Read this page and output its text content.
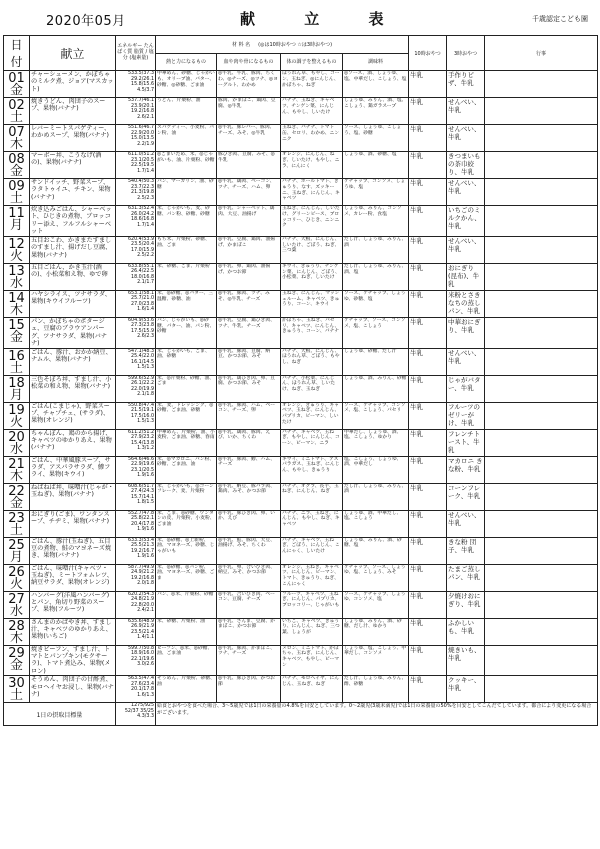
2020年05月	献 立 表	千歳認定こども園
日付	献立	エネルギー たんぱく質 脂質 / 塩分 (塩素量)	材 料 名 (◎は10時おやつ ☆は3時おやつ)				10時おやつ	3時おやつ	行事
			熱と力になるもの	血や肉や骨になるもの	体の調子を整えるもの	調味料			

01
金	チャーシューメン、かぼちゃのミルク煮、ジョア(マスカット)	533.5/37.3 29.2/26.1 15.8/15.6 4.5/3.7	中華めん、砂糖、じゃがいも、オリーブ油、バター、砂糖、◎砂糖、ごま油	◎牛乳、牛乳、豚肉、ちくわ、◎チーズ、◎ツナ、◎ヨーグルト、わかめ	ほうれん草、もやし、コーン、玉ねぎ、◎にんじん、かぼちゃ、ねぎ	◎ソース、酒、しょうゆ、塩、中華だし、こしょう、塩	牛乳	手作りピザ、牛乳	

02
土	焼きうどん、肉団子のスープ、果物(バナナ)	537.7/46.1 23.9/20.1 19.2/16.8 2.6/2.1	うどん、片栗粉、油	豚肉、かまぼこ、鶏肉、豆腐、◎牛乳	バナナ、玉ねぎ、キャベツ、チンゲン菜、にんじん、もやし、しいたけ	しょうゆ、みりん、酒、塩、こしょう、鶏ガラスープ	牛乳	せんべい、牛乳	

07
木	レバーミートスパゲティー、わかめスープ、果物(バナナ)	551.6/46.7 22.9/20.0 15.0/13.5 2.2/1.9	スパゲティー、小麦粉、パン粉、油	◎牛乳、豚レバー、豚肉、チーズ、みそ、◎牛乳	玉ねぎ、バナナ、トマト缶、セロリ、わかめ、ニンニク	ソース、しょうゆ、こしょう、塩、砂糖	牛乳	せんべい、牛乳	

08
金	マーボー丼、こうなげ(酒の)、果物(バナナ)	611.0/51.2 23.1/20.5 22.5/19.5 1.7/1.4	◎ごまいため、米、◎じゃがいも、油、片栗粉、砂糖	豚ひき肉、豆腐、みそ、◎牛乳	オレンジ、にんじん、ねぎ、しいたけ、もやし、ニラ、にんにく	しょうゆ、酒、砂糖、塩	牛乳	きつまいもの茶巾絞り、牛乳	

09
土	サンドイッチ、野菜スープ、ラタトゥイユ、チキン、果物(バナナ)	540.4/50.3 23.7/22.3 21.3/19.8 2.5/2.3	パン、マーガリン、油、砂糖	◎牛乳、鶏肉、ベーコン、ツナ、チーズ、ハム、卵	バナナ、ホールトマト、きゅうり、なす、ズッキーニ、玉ねぎ、にんじん、キャベツ	ケチャップ、コンソメ、しょうゆ、塩	牛乳	せんべい、牛乳	

11
月	炊き込みごはん、シャーベット、ひじきの煮物、ブロッコリー添え、フルフルシャーベット	631.3/52.4 26.0/24.2 18.6/16.8 1.7/1.4	米、じゃがいも、麦、砂糖、パン粉、砂糖、砂糖	◎牛乳、シャーベット、鶏肉、大豆、油揚げ	玉ねぎ、にんじん、しいたけ、グリーンピース、ブロッコリー、ひじき、ニンニク	しょうゆ、みりん、コンソメ、カレー粉、食塩	牛乳	いちごのミルクかん、牛乳	

12
火	五目おこわ、かきまたすましのすまし汁、揚げだし豆腐、果物(バナナ)	620.4/53.9 23.5/20.4 17.0/15.9 2.5/2.2	もち米、片栗粉、砂糖、油、ごま	◎牛乳、豆腐、鶏肉、油揚げ、かまぼこ	バナナ、大根、にんじん、しいたけ、ごぼう、ねぎ、三つ葉	だし汁、しょうゆ、みりん、酒	牛乳	せんべい、牛乳	

13
水	五目ごはん、かき玉汁(酒の)、小松菜和え物、ゆで卵	633.8/55.1 26.4/22.5 18.0/16.8 2.1/1.7	米、砂糖、ごま、片栗粉	◎牛乳、卵、鶏肉、油揚げ、かつお節	キウイ、きゅうり、チンゲン菜、にんじん、ごぼう、小松菜、ねぎ、しいたけ	だし汁、しょうゆ、みりん、酒、塩	牛乳	おにぎり(昆布)、牛乳	

14
木	ハヤシライス、ツナサラダ、果物(キウイフルーツ)	653.1/58.1 25.7/21.0 27.0/23.8 1.6/1.4	米、◎砂糖、◎バター、三温糖、砂糖、油	◎牛乳、豚肉、ツナ、みそ、◎牛乳、チーズ	玉ねぎ、にんじん、マッシュルーム、キャベツ、きゅうり、コーン、キウイ	ソース、ケチャップ、しょうゆ、砂糖、塩	牛乳	米粉とさきなちの蒸しパン、牛乳	

15
金	パン、かぼちゃのポタージュ、豆腐のブラウアンパーグ、ツナサラダ、果物(バナナ)	604.9/53.6 27.3/23.8 17.5/15.9 2.6/2.3	パン、じゃがいも、◎砂糖、バター、油、パン粉、砂糖	◎牛乳、豆腐、鶏ひき肉、ツナ、牛乳、チーズ	かぼちゃ、玉ねぎ、パセリ、キャベツ、にんじん、きゅうり、コーン、バナナ	ケチャップ、ソース、コンソメ、塩、こしょう	牛乳	中華おにぎり、牛乳	

16
土	ごはん、豚汁、おかか納豆、ナムル、果物(バナナ)	547.1/48.3 25.4/22.0 16.1/14.5 1.5/1.3	米、じゃがいも、ごま、油、砂糖	◎牛乳、豚肉、豆腐、納豆、かつお節、みそ	バナナ、大根、にんじん、ほうれん草、ごぼう、もやし、ねぎ	しょうゆ、砂糖、だし汁	牛乳	せんべい、牛乳	

18
月	三色そぼろ丼、すまし汁、小松菜の和え物、果物(バナナ)	599.6/52.9 26.1/22.2 22.0/19.9 2.1/1.8	米、◎片栗粉、砂糖、油、ごま	◎牛乳、鶏ひき肉、卵、豆腐、かつお節、みそ	バナナ、小松菜、にんじん、ほうれん草、しいたけ、ねぎ、玉ねぎ	しょうゆ、酒、みりん、砂糖	牛乳	じゃがバター、牛乳	

19
火	ごはん(こまじゃ)、野菜スープ、チャプチェ、(サラダ)、果物(オレンジ)	550.8/47.4 21.5/19.1 17.5/16.0 1.5/1.3	米、麦、ドレッシング、◎砂糖、ごま油、砂糖	◎牛乳、豚肉、ハム、ベーコン、チーズ、卵	オレンジ、きゅうり、キャベツ、玉ねぎ、にんじん、パプリカ、ピーマン、しいたけ	ソース、ケチャップ、コンソメ、塩、こしょう、パセリ	牛乳	フルーツのゼリーがけ、牛乳	

20
水	ちゃんぽん、鶏のから揚げ、キャベツのゆかりあえ、果物(バナナ)	611.2/51.2 27.9/23.2 15.4/13.8 1.3/1.2	中華めん、片栗粉、油、小麦粉、ごま油、砂糖、春雨	◎牛乳、鶏肉、豚肉、えび、いか、ちくわ	バナナ、キャベツ、玉ねぎ、もやし、にんじん、コーン、ピーマン、ニラ	中華だし、しょうゆ、酒、塩、こしょう、ゆかり	牛乳	フレンチトースト、牛乳	

21
木	ごはん、中華風豚スープ、サラダ、アスパラサラダ、鯵フライ、果物(キウイ)	564.6/46.6 22.9/19.6 23.1/20.5 1.9/1.6	米、◎マカロニ、パン粉、砂糖、ごま油、油	◎牛乳、豚肉、鯵、ハム、チーズ	キウイ、ミニトマト、アスパラガス、玉ねぎ、にんじん、もやし、きゅうり	塩、こしょう、しょうゆ、酒、中華だし	牛乳	マカロニ きな粉、牛乳	

22
金	ねばねば丼、味噌汁(じゃが・玉ねぎ)、果物(バナナ)	608.6/51.7 27.4/24.3 15.7/14.1 1.8/1.5	米、じゃがいも、◎コーンフレーク、麦、片栗粉	◎牛乳、納豆、豚バラ肉、鶏肉、みそ、かつお節	バナナ、オクラ、長芋、玉ねぎ、にんじん、ねぎ	だし汁、しょうゆ、みりん、酒	牛乳	コーンフレーク、牛乳	

23
土	おにぎり(ごま)、ワンタンスープ、チヂミ、果物(バナナ)	552.7/47.8 25.8/22.1 20.4/17.8 1.9/1.6	米、ごま、◎砂糖、ワンタンの皮、片栗粉、小麦粉、ごま油	◎牛乳、豚ひき肉、卵、いか、えび	バナナ、ニラ、玉ねぎ、にんじん、もやし、ねぎ、キャベツ	しょうゆ、酒、中華だし、塩、こしょう	牛乳	せんべい、牛乳	

25
月	ごはん、豚汁(玉ねぎ)、五目豆の煮物、鮭のマヨネーズ焼き、果物(バナナ)	633.3/53.4 25.5/21.3 19.2/16.7 1.9/1.6	米、◎砂糖、◎上新粉、油、マヨネーズ、砂糖、じゃがいも	◎牛乳、鮭、豚肉、大豆、油揚げ、みそ、ちくわ	バナナ、キャベツ、玉ねぎ、ごぼう、にんじん、こんにゃく、しいたけ	しょうゆ、みりん、酒、砂糖、塩	牛乳	きな粉 団子、牛乳	

26
火	ごはん、味噌汁(キャベツ・玉ねぎ)、ミートフォムレツ、納豆サラダ、果物(オレンジ)	587.7/49.9 24.9/21.2 19.2/16.8 2.0/1.8	米、◎砂糖、◎パン粉、油、マヨネーズ、砂糖、ごま	◎牛乳、卵、合いびき肉、納豆、みそ、かつお節	オレンジ、玉ねぎ、キャベツ、にんじん、ピーマン、トマト、きゅうり、ねぎ、こんにゃく	ケチャップ、ソース、しょうゆ、塩、こしょう、みそ	牛乳	たまご蒸しパン、牛乳	

27
水	ハンバーグ(洋風ハンバーグ)とパン、角切り野菜のスープ、果物(フルーツ)	620.2/54.3 24.8/21.9 22.8/20.0 2.4/2.1	パン、◎米、片栗粉、砂糖	◎牛乳、合いびき肉、ベーコン、豆腐、チーズ	フルーツ、キャベツ、玉ねぎ、にんじん、パプリカ、ブロッコリー、じゃがいも	ソース、ケチャップ、しょうゆ、コンソメ、塩	牛乳	夕焼けおにぎり、牛乳	

28
木	さんまのかばやき丼、すまし汁、キャベツのゆかりあえ、果物(いちご)	635.6/48.9 26.9/21.9 23.5/21.4 1.4/1.1	米、砂糖、片栗粉、油	◎牛乳、さんま、豆腐、かまぼこ、かつお節	いちご、キャベツ、きゅうり、にんじん、ねぎ、三つ葉、しょうが	しょうゆ、みりん、酒、砂糖、だし汁、ゆかり	牛乳	ふかしいも、牛乳	

29
金	焼きビーフン、すまし汁、トマトとパンプキン(モクサーラ)、トマト煮込み、果物(メロン)	599.7/50.8 18.9/16.0 22.1/19.6 3.0/2.6	ビーフン、◎米、◎砂糖、油、ごま油	◎牛乳、豚肉、かまぼこ、ツナ、チーズ	メロン、ミニトマト、かぼちゃ、玉ねぎ、にんじん、キャベツ、もやし、ピーマン	しょうゆ、塩、こしょう、中華だし、コンソメ	牛乳	焼きいも、牛乳	

30
土	そうめん、肉団子の甘酢煮、モロヘイヤお浸し、果物(バナナ)	563.5/47.4 27.6/23.4 20.1/17.8 1.6/1.3	そうめん、片栗粉、砂糖、油	◎牛乳、豚ひき肉、かつお節	バナナ、モロヘイヤ、にんじん、玉ねぎ、ねぎ	だし汁、しょうゆ、みりん、酢、砂糖	牛乳	クッキー、牛乳	
1日の摂取目標量		1275/925 52/37 35/25 4.3/3.3	給食とおやつを食べた場合、3～5歳児では1日の栄養量の4.8%を目安としています。0～2歳児(3歳未満児)では1日の栄養量の50%を目安としてこんだてしています。都合により変更になる場合がございます。						
